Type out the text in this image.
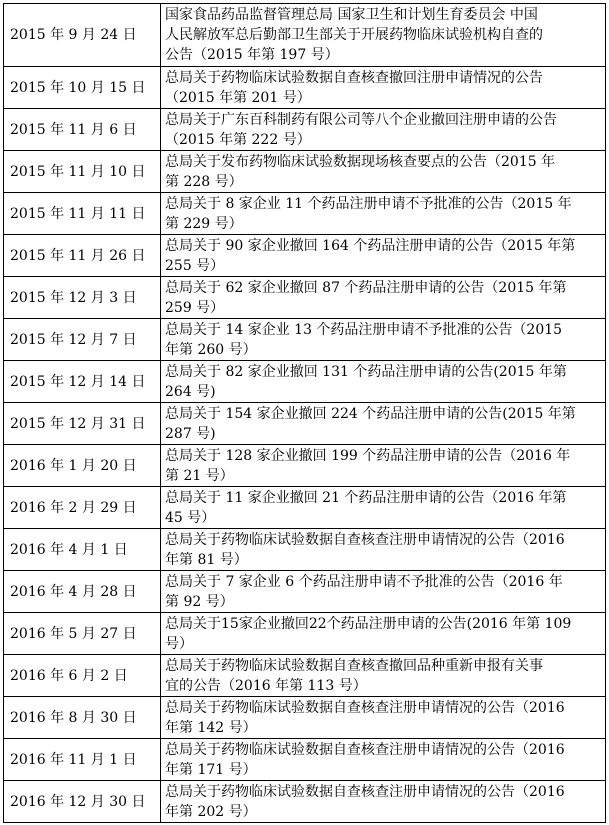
2015 年 9 月 24 日	国家食品药品监督管理总局 国家卫生和计划生育委员会 中国
人民解放军总后勤部卫生部关于开展药物临床试验机构自查的
公告（2015 年第 197 号）

2015 年 10 月 15 日	总局关于药物临床试验数据自查核查撤回注册申请情况的公告
（2015 年第 201 号）

2015 年 11 月 6 日	总局关于广东百科制药有限公司等八个企业撤回注册申请的公告
（2015 年第 222 号）

2015 年 11 月 10 日	总局关于发布药物临床试验数据现场核查要点的公告（2015 年
第 228 号）

2015 年 11 月 11 日	总局关于 8 家企业 11 个药品注册申请不予批准的公告（2015 年
第 229 号）

2015 年 11 月 26 日	总局关于 90 家企业撤回 164 个药品注册申请的公告（2015 年第
255 号）

2015 年 12 月 3 日	总局关于 62 家企业撤回 87 个药品注册申请的公告（2015 年第
259 号）

2015 年 12 月 7 日	总局关于 14 家企业 13 个药品注册申请不予批准的公告（2015
年第 260 号）

2015 年 12 月 14 日	总局关于 82 家企业撤回 131 个药品注册申请的公告(2015 年第
264 号)

2015 年 12 月 31 日	总局关于 154 家企业撤回 224 个药品注册申请的公告(2015 年第
287 号)

2016 年 1 月 20 日	总局关于 128 家企业撤回 199 个药品注册申请的公告（2016 年
第 21 号）

2016 年 2 月 29 日	总局关于 11 家企业撤回 21 个药品注册申请的公告（2016 年第
45 号）

2016 年 4 月 1 日	总局关于药物临床试验数据自查核查注册申请情况的公告（2016
年第 81 号）

2016 年 4 月 28 日	总局关于 7 家企业 6 个药品注册申请不予批准的公告（2016 年
第 92 号）

2016 年 5 月 27 日	总局关于15家企业撤回22个药品注册申请的公告(2016 年第 109
号）

2016 年 6 月 2 日	总局关于药物临床试验数据自查核查撤回品种重新申报有关事
宜的公告（2016 年第 113 号）

2016 年 8 月 30 日	总局关于药物临床试验数据自查核查注册申请情况的公告（2016
年第 142 号）

2016 年 11 月 1 日	总局关于药物临床试验数据自查核查注册申请情况的公告（2016
年第 171 号）

2016 年 12 月 30 日	总局关于药物临床试验数据自查核查注册申请情况的公告（2016
年第 202 号）
